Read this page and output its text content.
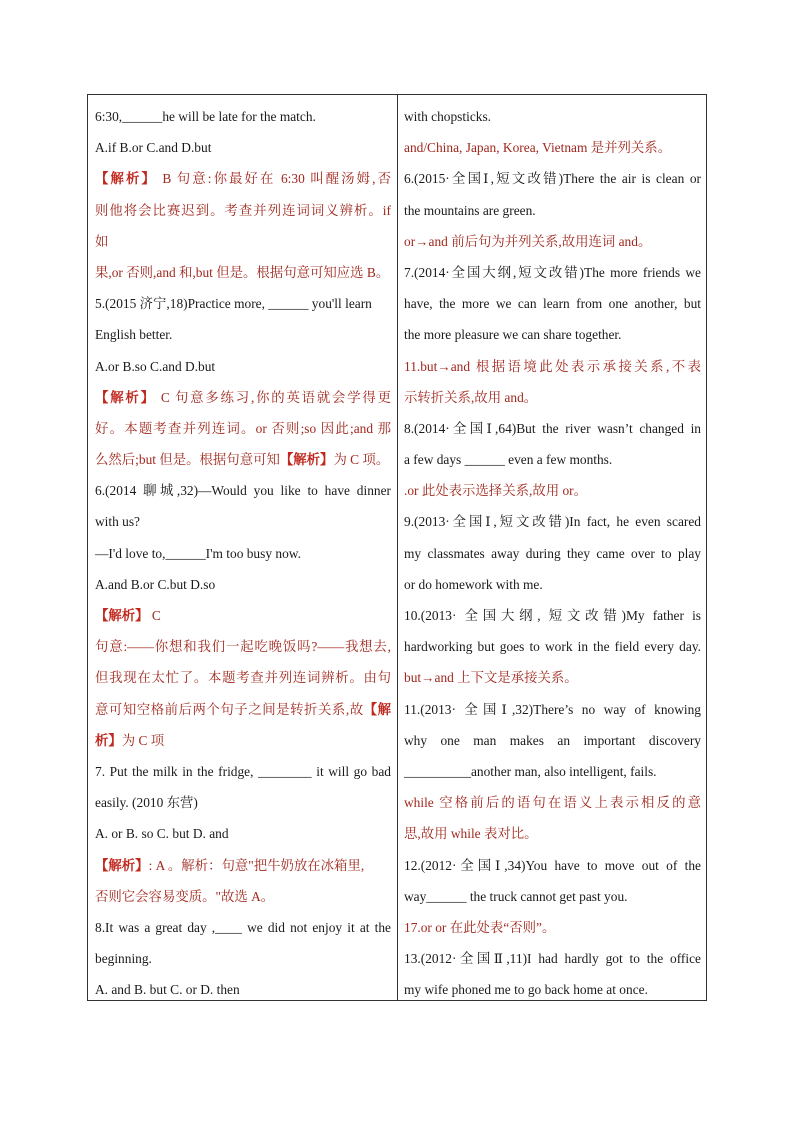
6:30,______he will be late for the match.
A.if B.or C.and D.but
【解析】 B 句意:你最好在 6:30 叫醒汤姆,否
则他将会比赛迟到。考查并列连词词义辨析。if
如
果,or 否则,and 和,but 但是。根据句意可知应选 B。
5.(2015 济宁,18)Practice more, ______ you'll learn
English better.
A.or B.so C.and D.but
【解析】 C 句意多练习,你的英语就会学得更
好。本题考查并列连词。or 否则;so 因此;and 那
么然后;but 但是。根据句意可知【解析】为 C 项。
6.(2014 聊城,32)—Would you like to have dinner
with us?
—I'd love to,______I'm too busy now.
A.and B.or C.but D.so
【解析】 C
句意:——你想和我们一起吃晚饭吗?——我想去,
但我现在太忙了。本题考查并列连词辨析。由句
意可知空格前后两个句子之间是转折关系,故【解
析】为 C 项
7. Put the milk in the fridge, ________ it will go bad
easily. (2010 东营)
A. or B. so C. but D. and
【解析】: A 。解析：句意"把牛奶放在冰箱里,
否则它会容易变质。"故选 A。
8.It was a great day ,____ we did not enjoy it at the
beginning.
A. and B. but C. or D. then
with chopsticks.
and/China, Japan, Korea, Vietnam 是并列关系。
6.(2015·全国Ⅰ,短文改错)There the air is clean or
the mountains are green.
or→and 前后句为并列关系,故用连词 and。
7.(2014·全国大纲,短文改错)The more friends we
have, the more we can learn from one another, but
the more pleasure we can share together.
11.but→and 根据语境此处表示承接关系,不表
示转折关系,故用 and。
8.(2014·全国Ⅰ,64)But the river wasn’t changed in
a few days ______ even a few months.
.or 此处表示选择关系,故用 or。
9.(2013·全国Ⅰ,短文改错)In fact, he even scared
my classmates away during they came over to play
or do homework with me.
10.(2013· 全国大纲, 短文改错)My father is
hardworking but goes to work in the field every day.
but→and 上下文是承接关系。
11.(2013· 全国Ⅰ,32)There’s no way of knowing
why one man makes an important discovery
__________another man, also intelligent, fails.
while 空格前后的语句在语义上表示相反的意
思,故用 while 表对比。
12.(2012·全国Ⅰ,34)You have to move out of the
way______ the truck cannot get past you.
17.or or 在此处表“否则”。
13.(2012·全国Ⅱ,11)I had hardly got to the office
my wife phoned me to go back home at once.
